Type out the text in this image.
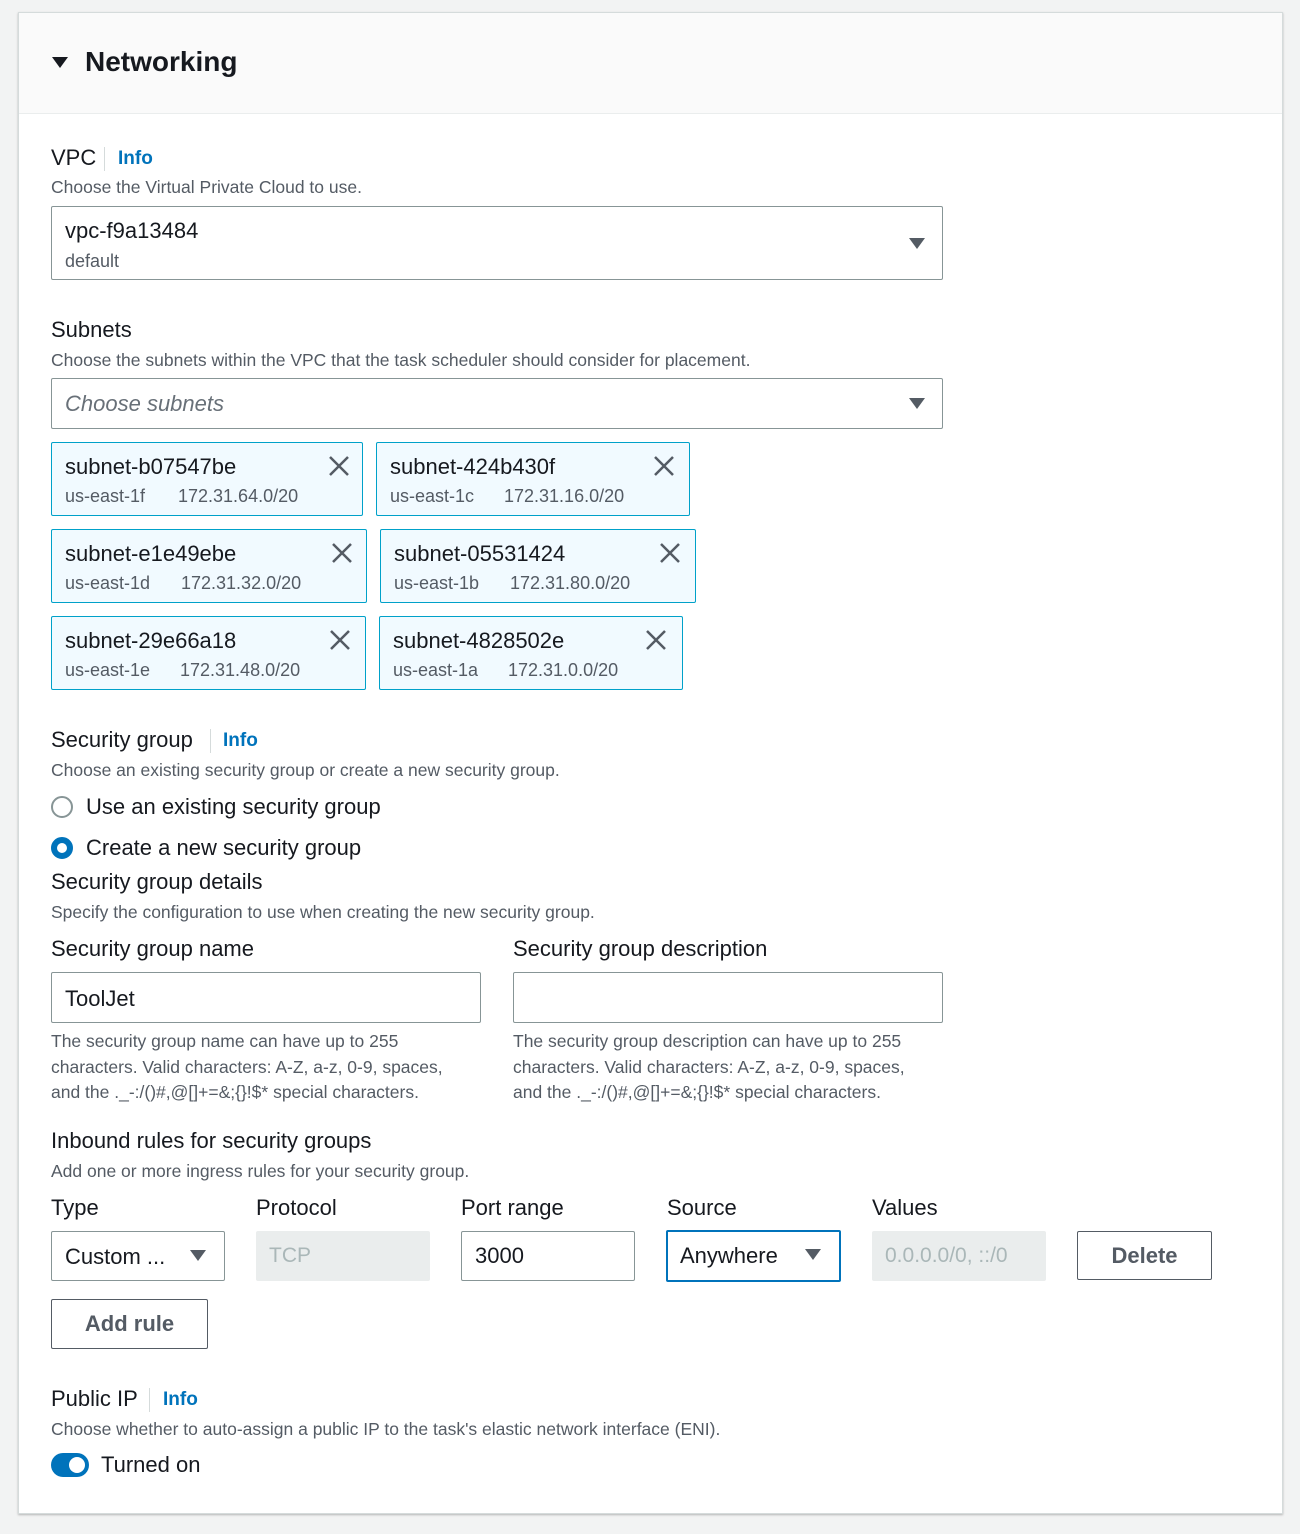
Networking
VPC Info
Choose the Virtual Private Cloud to use.
vpc-f9a13484
default
Subnets
Choose the subnets within the VPC that the task scheduler should consider for placement.
Choose subnets
subnet-b07547be
us-east-1f 172.31.64.0/20
subnet-424b430f
us-east-1c 172.31.16.0/20
subnet-e1e49ebe
us-east-1d 172.31.32.0/20
subnet-05531424
us-east-1b 172.31.80.0/20
subnet-29e66a18
us-east-1e 172.31.48.0/20
subnet-4828502e
us-east-1a 172.31.0.0/20
Security group Info
Choose an existing security group or create a new security group.
Use an existing security group
Create a new security group
Security group details
Specify the configuration to use when creating the new security group.
Security group name
ToolJet
The security group name can have up to 255
characters. Valid characters: A-Z, a-z, 0-9, spaces,
and the ._-:/()#,@[]+=&;{}!$* special characters.
Security group description
The security group description can have up to 255
characters. Valid characters: A-Z, a-z, 0-9, spaces,
and the ._-:/()#,@[]+=&;{}!$* special characters.
Inbound rules for security groups
Add one or more ingress rules for your security group.
Type	Protocol	Port range	Source	Values
Custom ...	TCP	3000	Anywhere	0.0.0.0/0, ::/0	Delete
Add rule
Public IP Info
Choose whether to auto-assign a public IP to the task's elastic network interface (ENI).
Turned on
